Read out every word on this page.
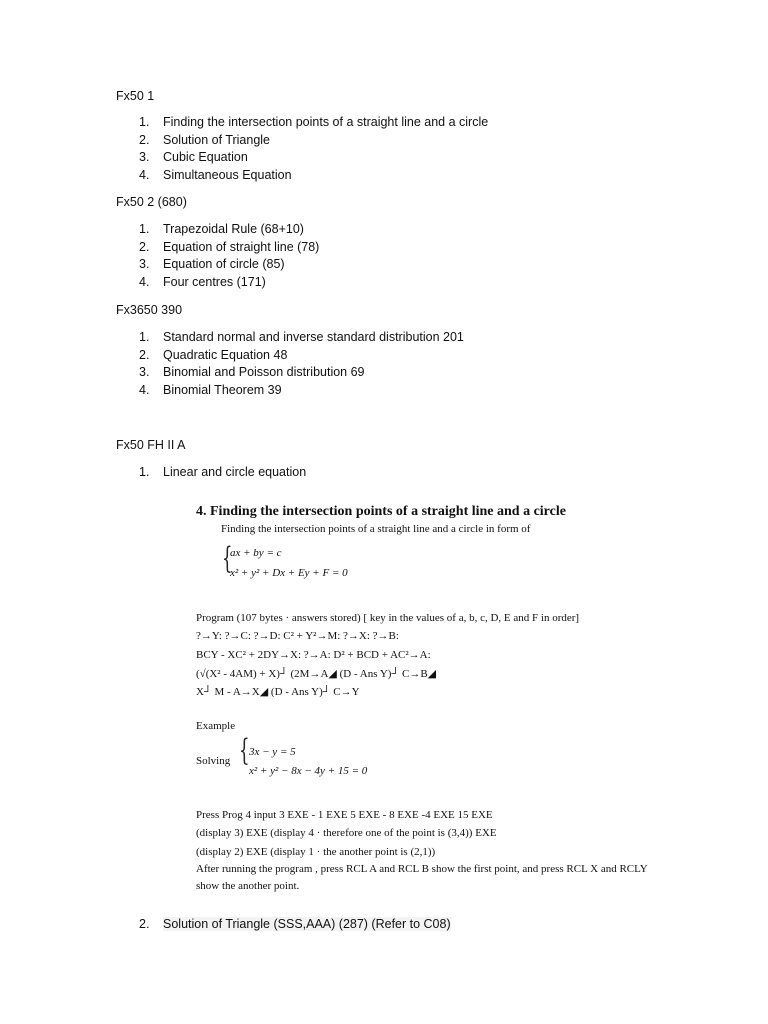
Fx50 1
1. Finding the intersection points of a straight line and a circle
2. Solution of Triangle
3. Cubic Equation
4. Simultaneous Equation
Fx50 2 (680)
1. Trapezoidal Rule (68+10)
2. Equation of straight line (78)
3. Equation of circle (85)
4. Four centres (171)
Fx3650 390
1. Standard normal and inverse standard distribution 201
2. Quadratic Equation 48
3. Binomial and Poisson distribution 69
4. Binomial Theorem 39
Fx50 FH II A
1. Linear and circle equation
4. Finding the intersection points of a straight line and a circle
Finding the intersection points of a straight line and a circle in form of
{
ax + by = c
x² + y² + Dx + Ey + F = 0
Program (107 bytes · answers stored) [ key in the values of a, b, c, D, E and F in order]
?→Y: ?→C: ?→D: C² + Y²→M: ?→X: ?→B:
BCY - XC² + 2DY→X: ?→A: D² + BCD + AC²→A:
(√(X² - 4AM) + X)┘ (2M→A◢ (D - Ans Y)┘ C→B◢
X┘ M - A→X◢ (D - Ans Y)┘ C→Y
Example
Solving { 3x − y = 5
x² + y² − 8x − 4y + 15 = 0
Press Prog 4 input 3 EXE - 1 EXE 5 EXE - 8 EXE -4 EXE 15 EXE
(display 3) EXE (display 4 · therefore one of the point is (3,4)) EXE
(display 2) EXE (display 1 · the another point is (2,1))
After running the program , press RCL A and RCL B show the first point, and press RCL X and RCLY
show the another point.
2. Solution of Triangle (SSS,AAA) (287) (Refer to C08)
